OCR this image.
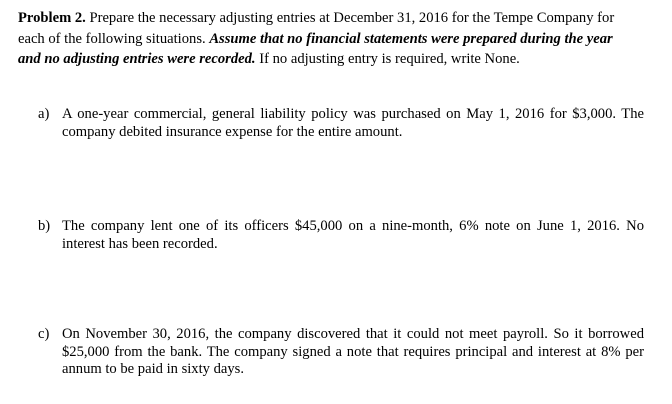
Problem 2. Prepare the necessary adjusting entries at December 31, 2016 for the Tempe Company for each of the following situations. Assume that no financial statements were prepared during the year and no adjusting entries were recorded. If no adjusting entry is required, write None.
a) A one-year commercial, general liability policy was purchased on May 1, 2016 for $3,000. The company debited insurance expense for the entire amount.
b) The company lent one of its officers $45,000 on a nine-month, 6% note on June 1, 2016. No interest has been recorded.
c) On November 30, 2016, the company discovered that it could not meet payroll. So it borrowed $25,000 from the bank. The company signed a note that requires principal and interest at 8% per annum to be paid in sixty days.
